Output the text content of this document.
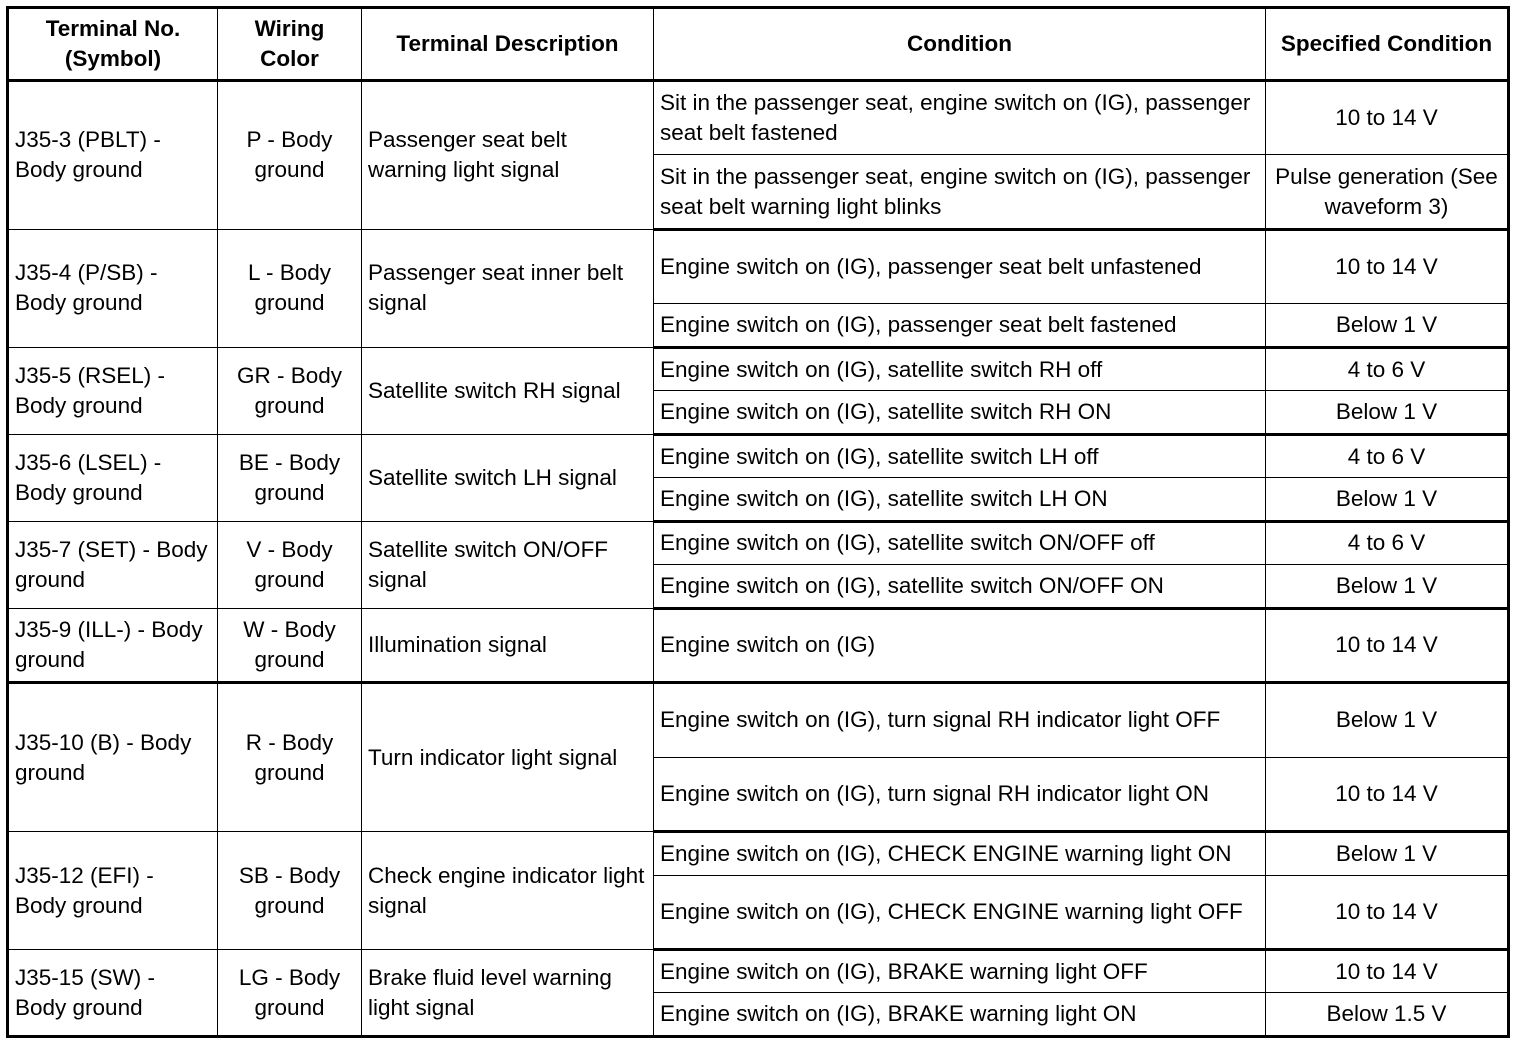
Terminal No. (Symbol)	Wiring Color	Terminal Description	Condition	Specified Condition
J35-3 (PBLT) - Body ground	P - Body ground	Passenger seat belt warning light signal	Sit in the passenger seat, engine switch on (IG), passenger seat belt fastened	10 to 14 V
			Sit in the passenger seat, engine switch on (IG), passenger seat belt warning light blinks	Pulse generation (See waveform 3)
J35-4 (P/SB) - Body ground	L - Body ground	Passenger seat inner belt signal	Engine switch on (IG), passenger seat belt unfastened	10 to 14 V
			Engine switch on (IG), passenger seat belt fastened	Below 1 V
J35-5 (RSEL) - Body ground	GR - Body ground	Satellite switch RH signal	Engine switch on (IG), satellite switch RH off	4 to 6 V
			Engine switch on (IG), satellite switch RH ON	Below 1 V
J35-6 (LSEL) - Body ground	BE - Body ground	Satellite switch LH signal	Engine switch on (IG), satellite switch LH off	4 to 6 V
			Engine switch on (IG), satellite switch LH ON	Below 1 V
J35-7 (SET) - Body ground	V - Body ground	Satellite switch ON/OFF signal	Engine switch on (IG), satellite switch ON/OFF off	4 to 6 V
			Engine switch on (IG), satellite switch ON/OFF ON	Below 1 V
J35-9 (ILL-) - Body ground	W - Body ground	Illumination signal	Engine switch on (IG)	10 to 14 V
J35-10 (B) - Body ground	R - Body ground	Turn indicator light signal	Engine switch on (IG), turn signal RH indicator light OFF	Below 1 V
			Engine switch on (IG), turn signal RH indicator light ON	10 to 14 V
J35-12 (EFI) - Body ground	SB - Body ground	Check engine indicator light signal	Engine switch on (IG), CHECK ENGINE warning light ON	Below 1 V
			Engine switch on (IG), CHECK ENGINE warning light OFF	10 to 14 V
J35-15 (SW) - Body ground	LG - Body ground	Brake fluid level warning light signal	Engine switch on (IG), BRAKE warning light OFF	10 to 14 V
			Engine switch on (IG), BRAKE warning light ON	Below 1.5 V
